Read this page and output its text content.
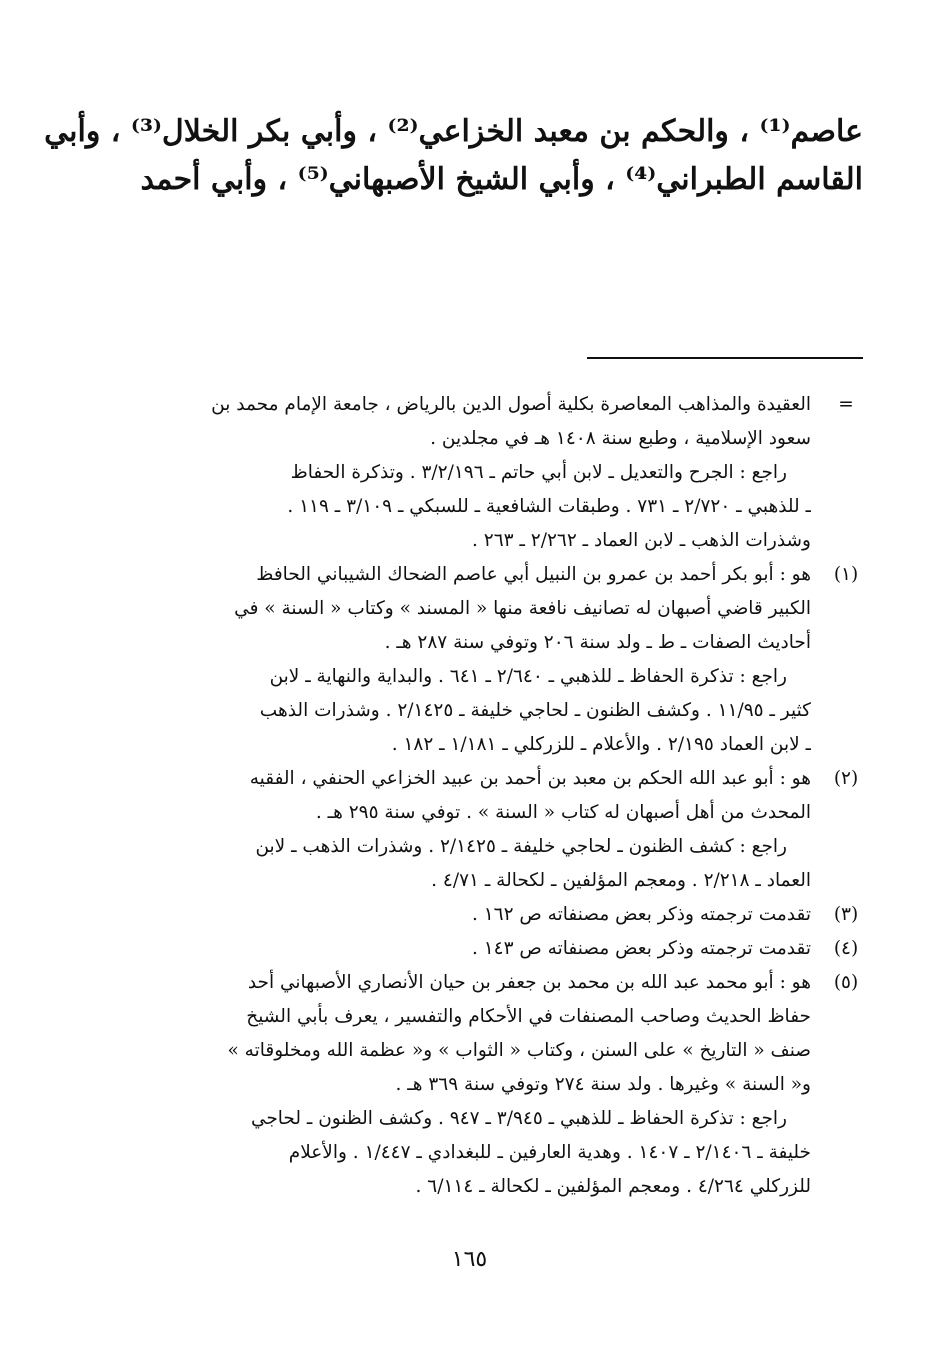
عاصم⁽¹⁾ ، والحكم بن معبد الخزاعي⁽²⁾ ، وأبي بكر الخلال⁽³⁾ ، وأبي
القاسم الطبراني⁽⁴⁾ ، وأبي الشيخ الأصبهاني⁽⁵⁾ ، وأبي أحمد
=
العقيدة والمذاهب المعاصرة بكلية أصول الدين بالرياض ، جامعة الإمام محمد بن
سعود الإسلامية ، وطبع سنة ١٤٠٨ هـ في مجلدين .
راجع : الجرح والتعديل ـ لابن أبي حاتم ـ ٣/٢/١٩٦ . وتذكرة الحفاظ
ـ للذهبي ـ ٢/٧٢٠ ـ ٧٣١ . وطبقات الشافعية ـ للسبكي ـ ٣/١٠٩ ـ ١١٩ .
وشذرات الذهب ـ لابن العماد ـ ٢/٢٦٢ ـ ٢٦٣ .
(١)
هو : أبو بكر أحمد بن عمرو بن النبيل أبي عاصم الضحاك الشيباني الحافظ
الكبير قاضي أصبهان له تصانيف نافعة منها « المسند » وكتاب « السنة » في
أحاديث الصفات ـ ط ـ ولد سنة ٢٠٦ وتوفي سنة ٢٨٧ هـ .
راجع : تذكرة الحفاظ ـ للذهبي ـ ٢/٦٤٠ ـ ٦٤١ . والبداية والنهاية ـ لابن
كثير ـ ١١/٩٥ . وكشف الظنون ـ لحاجي خليفة ـ ٢/١٤٢٥ . وشذرات الذهب
ـ لابن العماد ٢/١٩٥ . والأعلام ـ للزركلي ـ ١/١٨١ ـ ١٨٢ .
(٢)
هو : أبو عبد الله الحكم بن معبد بن أحمد بن عبيد الخزاعي الحنفي ، الفقيه
المحدث من أهل أصبهان له كتاب « السنة » . توفي سنة ٢٩٥ هـ .
راجع : كشف الظنون ـ لحاجي خليفة ـ ٢/١٤٢٥ . وشذرات الذهب ـ لابن
العماد ـ ٢/٢١٨ . ومعجم المؤلفين ـ لكحالة ـ ٤/٧١ .
(٣)
تقدمت ترجمته وذكر بعض مصنفاته ص ١٦٢ .
(٤)
تقدمت ترجمته وذكر بعض مصنفاته ص ١٤٣ .
(٥)
هو : أبو محمد عبد الله بن محمد بن جعفر بن حيان الأنصاري الأصبهاني أحد
حفاظ الحديث وصاحب المصنفات في الأحكام والتفسير ، يعرف بأبي الشيخ
صنف « التاريخ » على السنن ، وكتاب « الثواب » و« عظمة الله ومخلوقاته »
و« السنة » وغيرها . ولد سنة ٢٧٤ وتوفي سنة ٣٦٩ هـ .
راجع : تذكرة الحفاظ ـ للذهبي ـ ٣/٩٤٥ ـ ٩٤٧ . وكشف الظنون ـ لحاجي
خليفة ـ ٢/١٤٠٦ ـ ١٤٠٧ . وهدية العارفين ـ للبغدادي ـ ١/٤٤٧ . والأعلام
للزركلي ٤/٢٦٤ . ومعجم المؤلفين ـ لكحالة ـ ٦/١١٤ .
١٦٥
